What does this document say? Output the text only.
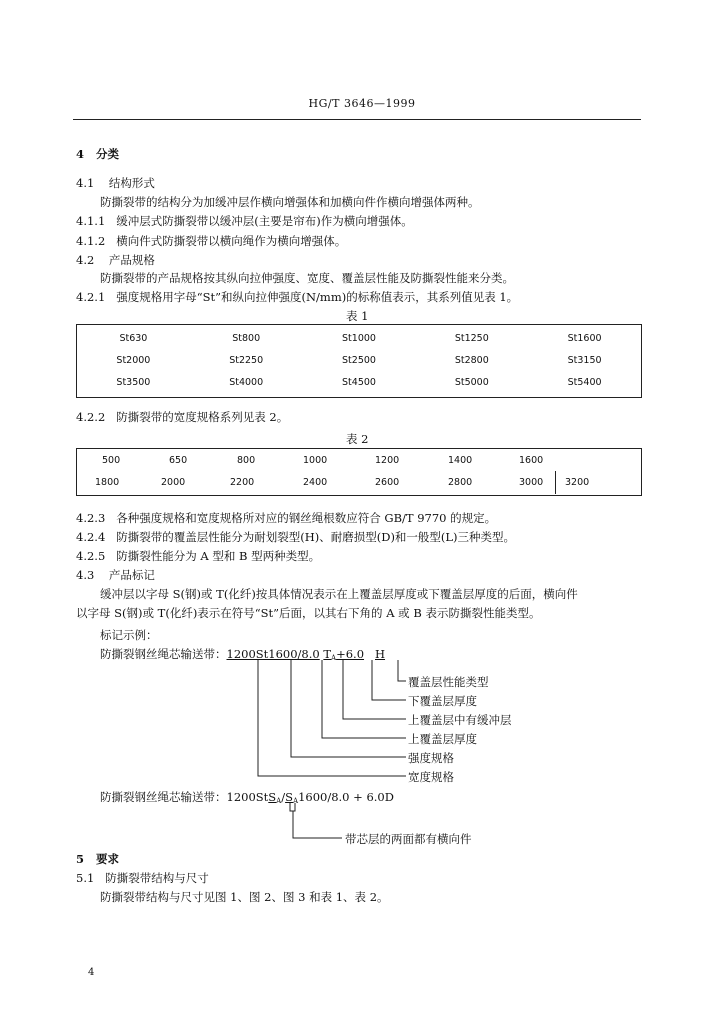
HG/T 3646—1999
4 分类
4.1 结构形式
防撕裂带的结构分为加缓冲层作横向增强体和加横向件作横向增强体两种。
4.1.1 缓冲层式防撕裂带以缓冲层(主要是帘布)作为横向增强体。
4.1.2 横向件式防撕裂带以横向绳作为横向增强体。
4.2 产品规格
防撕裂带的产品规格按其纵向拉伸强度、宽度、覆盖层性能及防撕裂性能来分类。
4.2.1 强度规格用字母“St”和纵向拉伸强度(N/mm)的标称值表示，其系列值见表 1。
表 1
St630	St800	St1000	St1250	St1600
St2000	St2250	St2500	St2800	St3150
St3500	St4000	St4500	St5000	St5400
4.2.2 防撕裂带的宽度规格系列见表 2。
表 2
500	650	800	1000	1200	1400	1600
1800	2000	2200	2400	2600	2800	3000 3200
4.2.3 各种强度规格和宽度规格所对应的钢丝绳根数应符合 GB/T 9770 的规定。
4.2.4 防撕裂带的覆盖层性能分为耐划裂型(H)、耐磨损型(D)和一般型(L)三种类型。
4.2.5 防撕裂性能分为 A 型和 B 型两种类型。
4.3 产品标记
缓冲层以字母 S(钢)或 T(化纤)按具体情况表示在上覆盖层厚度或下覆盖层厚度的后面，横向件
以字母 S(钢)或 T(化纤)表示在符号“St”后面，以其右下角的 A 或 B 表示防撕裂性能类型。
标记示例：
防撕裂钢丝绳芯输送带：1200St1600/8.0 TA+6.0 H
覆盖层性能类型
下覆盖层厚度
上覆盖层中有缓冲层
上覆盖层厚度
强度规格
宽度规格
防撕裂钢丝绳芯输送带：1200StSA/SA1600/8.0 + 6.0D
带芯层的两面都有横向件
5 要求
5.1 防撕裂带结构与尺寸
防撕裂带结构与尺寸见图 1、图 2、图 3 和表 1、表 2。
4
